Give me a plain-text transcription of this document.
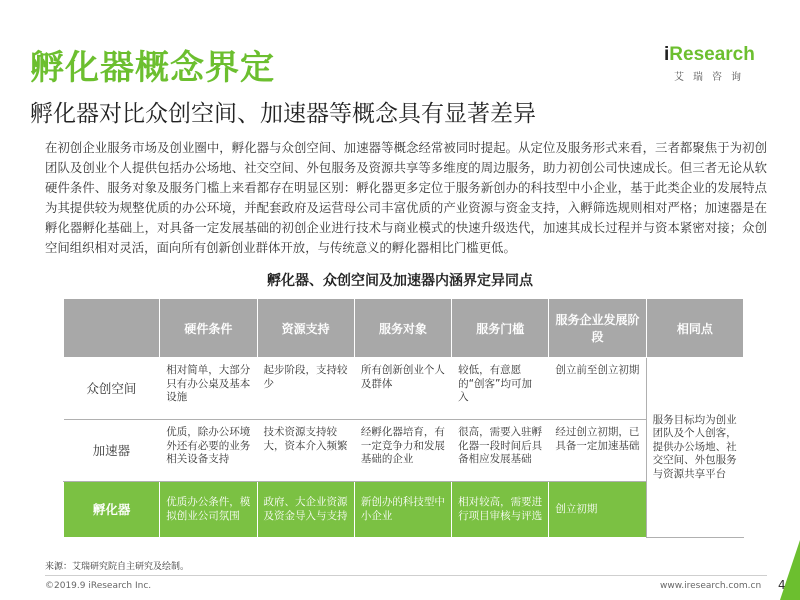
孵化器概念界定	iResearch
艾瑞咨询
孵化器对比众创空间、加速器等概念具有显著差异
在初创企业服务市场及创业圈中，孵化器与众创空间、加速器等概念经常被同时提起。从定位及服务形式来看，三者都聚焦于为初创团队及创业个人提供包括办公场地、社交空间、外包服务及资源共享等多维度的周边服务，助力初创公司快速成长。但三者无论从软硬件条件、服务对象及服务门槛上来看都存在明显区别：孵化器更多定位于服务新创办的科技型中小企业，基于此类企业的发展特点为其提供较为规整优质的办公环境，并配套政府及运营母公司丰富优质的产业资源与资金支持，入孵筛选规则相对严格；加速器是在孵化器孵化基础上，对具备一定发展基础的初创企业进行技术与商业模式的快速升级迭代，加速其成长过程并与资本紧密对接；众创空间组织相对灵活，面向所有创新创业群体开放，与传统意义的孵化器相比门槛更低。
孵化器、众创空间及加速器内涵界定异同点
	硬件条件	资源支持	服务对象	服务门槛	服务企业发展阶段	相同点
众创空间	相对简单，大部分只有办公桌及基本设施	起步阶段，支持较少	所有创新创业个人及群体	较低，有意愿的“创客”均可加入	创立前至创立初期	服务目标均为创业团队及个人创客，提供办公场地、社交空间、外包服务与资源共享平台
加速器	优质，除办公环境外还有必要的业务相关设备支持	技术资源支持较大，资本介入频繁	经孵化器培育，有一定竞争力和发展基础的企业	很高，需要入驻孵化器一段时间后具备相应发展基础	经过创立初期，已具备一定加速基础	
孵化器	优质办公条件，模拟创业公司氛围	政府、大企业资源及资金导入与支持	新创办的科技型中小企业	相对较高，需要进行项目审核与评选	创立初期	
来源：艾瑞研究院自主研究及绘制。
©2019.9 iResearch Inc.	www.iresearch.com.cn 4
